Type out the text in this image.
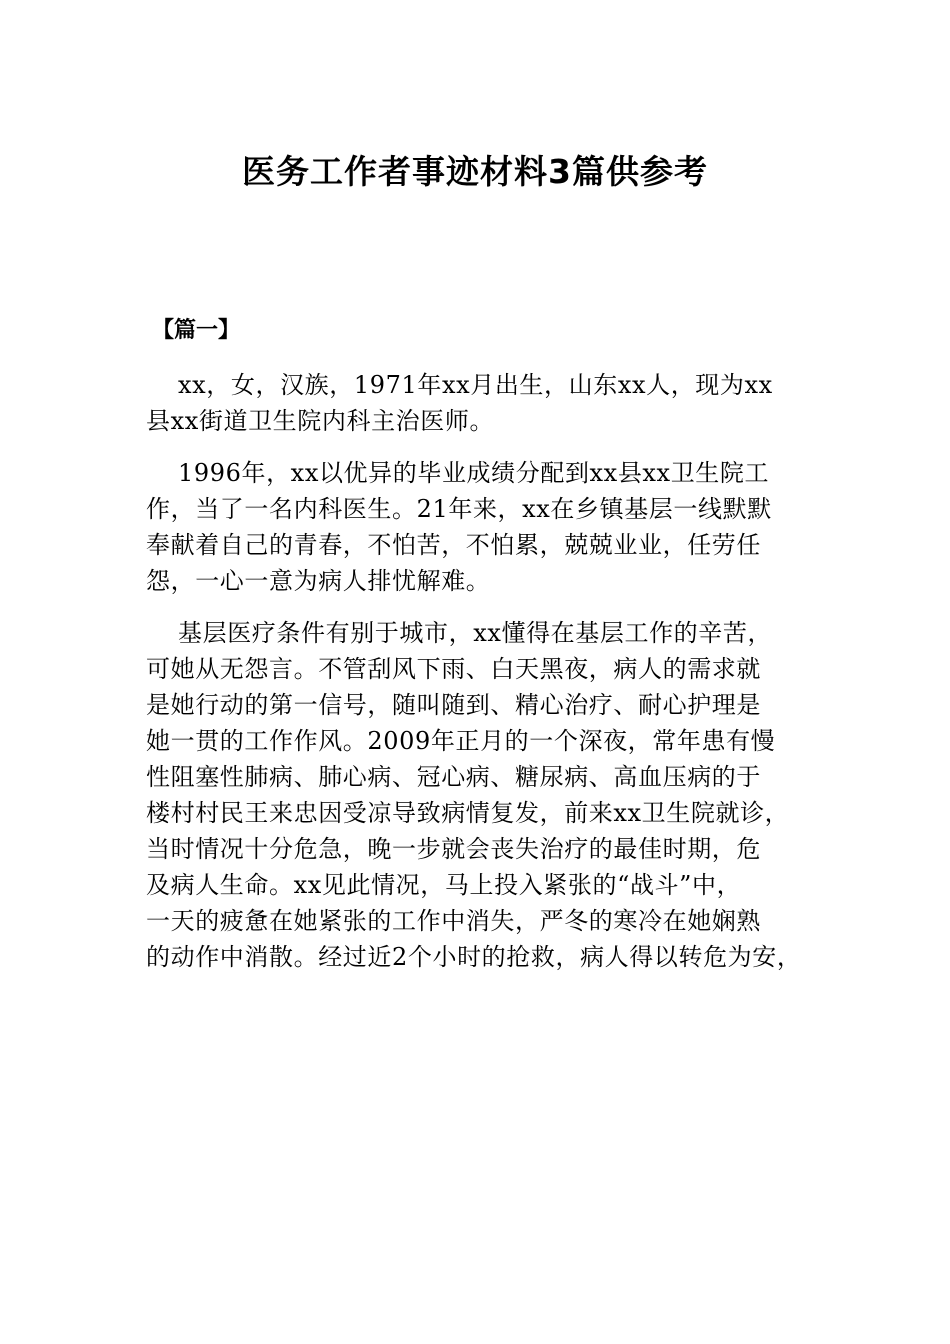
医务工作者事迹材料3篇供参考
【篇一】
xx，女，汉族，1971年xx月出生，山东xx人，现为xx
县xx街道卫生院内科主治医师。
1996年，xx以优异的毕业成绩分配到xx县xx卫生院工
作，当了一名内科医生。21年来，xx在乡镇基层一线默默
奉献着自己的青春，不怕苦，不怕累，兢兢业业，任劳任
怨，一心一意为病人排忧解难。
基层医疗条件有别于城市，xx懂得在基层工作的辛苦，
可她从无怨言。不管刮风下雨、白天黑夜，病人的需求就
是她行动的第一信号，随叫随到、精心治疗、耐心护理是
她一贯的工作作风。2009年正月的一个深夜，常年患有慢
性阻塞性肺病、肺心病、冠心病、糖尿病、高血压病的于
楼村村民王来忠因受凉导致病情复发，前来xx卫生院就诊，
当时情况十分危急，晚一步就会丧失治疗的最佳时期，危
及病人生命。xx见此情况，马上投入紧张的“战斗”中，
一天的疲惫在她紧张的工作中消失，严冬的寒冷在她娴熟
的动作中消散。经过近2个小时的抢救，病人得以转危为安，
